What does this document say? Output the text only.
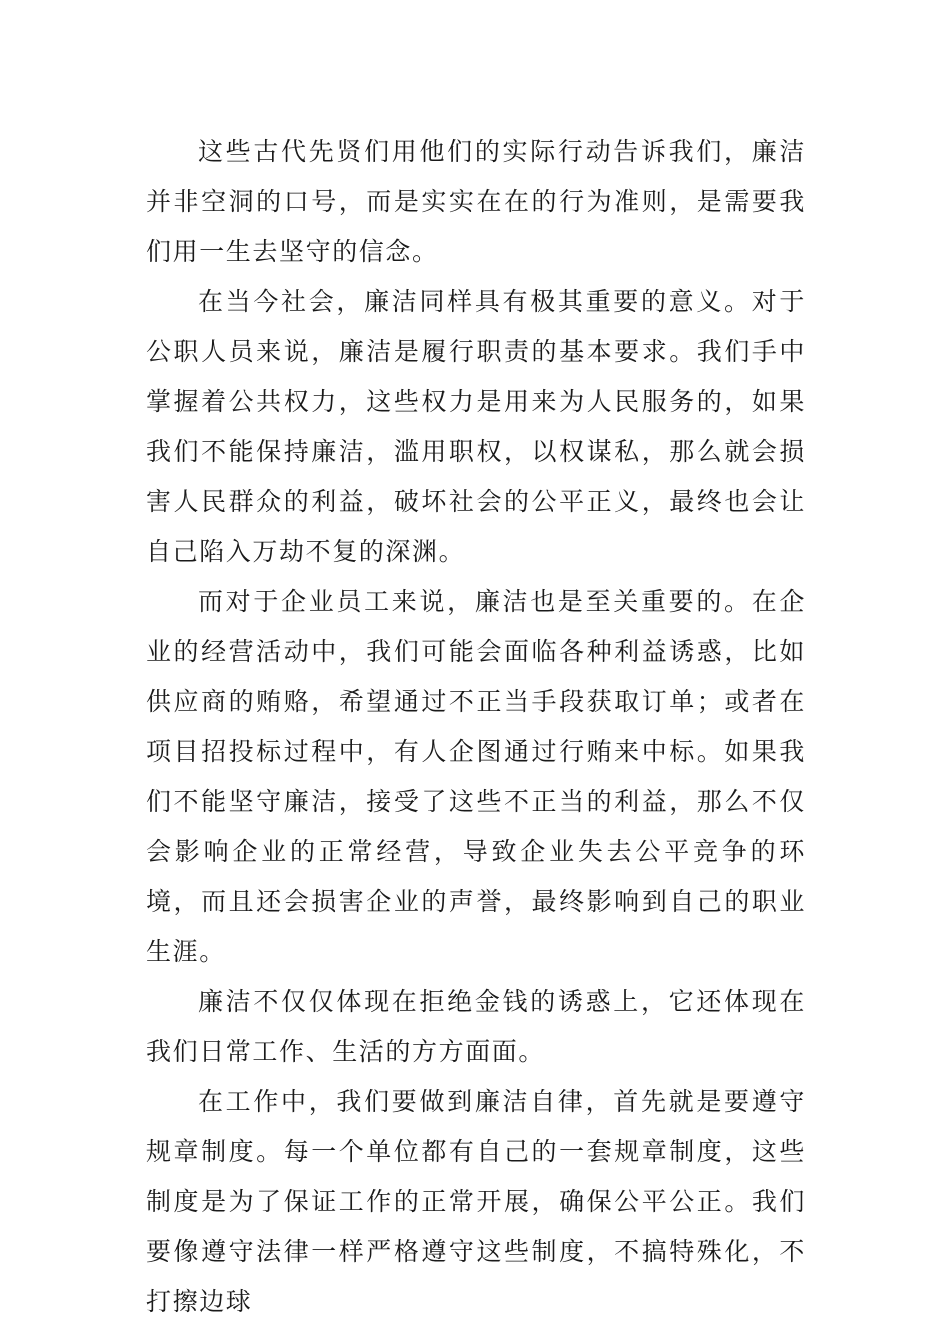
这些古代先贤们用他们的实际行动告诉我们，廉洁并非空洞的口号，而是实实在在的行为准则，是需要我们用一生去坚守的信念。

在当今社会，廉洁同样具有极其重要的意义。对于公职人员来说，廉洁是履行职责的基本要求。我们手中掌握着公共权力，这些权力是用来为人民服务的，如果我们不能保持廉洁，滥用职权，以权谋私，那么就会损害人民群众的利益，破坏社会的公平正义，最终也会让自己陷入万劫不复的深渊。

而对于企业员工来说，廉洁也是至关重要的。在企业的经营活动中，我们可能会面临各种利益诱惑，比如供应商的贿赂，希望通过不正当手段获取订单；或者在项目招投标过程中，有人企图通过行贿来中标。如果我们不能坚守廉洁，接受了这些不正当的利益，那么不仅会影响企业的正常经营，导致企业失去公平竞争的环境，而且还会损害企业的声誉，最终影响到自己的职业生涯。

廉洁不仅仅体现在拒绝金钱的诱惑上，它还体现在我们日常工作、生活的方方面面。

在工作中，我们要做到廉洁自律，首先就是要遵守规章制度。每一个单位都有自己的一套规章制度，这些制度是为了保证工作的正常开展，确保公平公正。我们要像遵守法律一样严格遵守这些制度，不搞特殊化，不打擦边球
